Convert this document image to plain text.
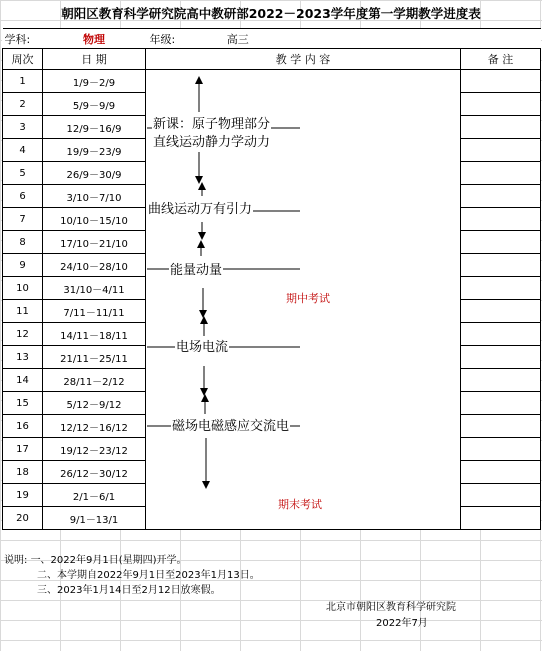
朝阳区教育科学研究院高中教研部2022－2023学年度第一学期教学进度表
学科:	物理	年级: 高三	
周次	日 期	教 学 内 容	备 注
1	1/9－2/9		
2	5/9－9/9		
3	12/9－16/9		
4	19/9－23/9		
5	26/9－30/9		
6	3/10－7/10		
7	10/10－15/10		
8	17/10－21/10		
9	24/10－28/10		
10	31/10－4/11		
11	7/11－11/11		
12	14/11－18/11		
13	21/11－25/11		
14	28/11－2/12		
15	5/12－9/12		
16	12/12－16/12		
17	19/12－23/12		
18	26/12－30/12		
19	2/1－6/1		
20	9/1－13/1		
新课：原子物理部分
直线运动静力学动力
曲线运动万有引力
能量动量
电场电流
磁场电磁感应交流电
期中考试
期末考试
说明: 一、2022年9月1日(星期四)开学。
二、本学期自2022年9月1日至2023年1月13日。
三、2023年1月14日至2月12日放寒假。
北京市朝阳区教育科学研究院
2022年7月
